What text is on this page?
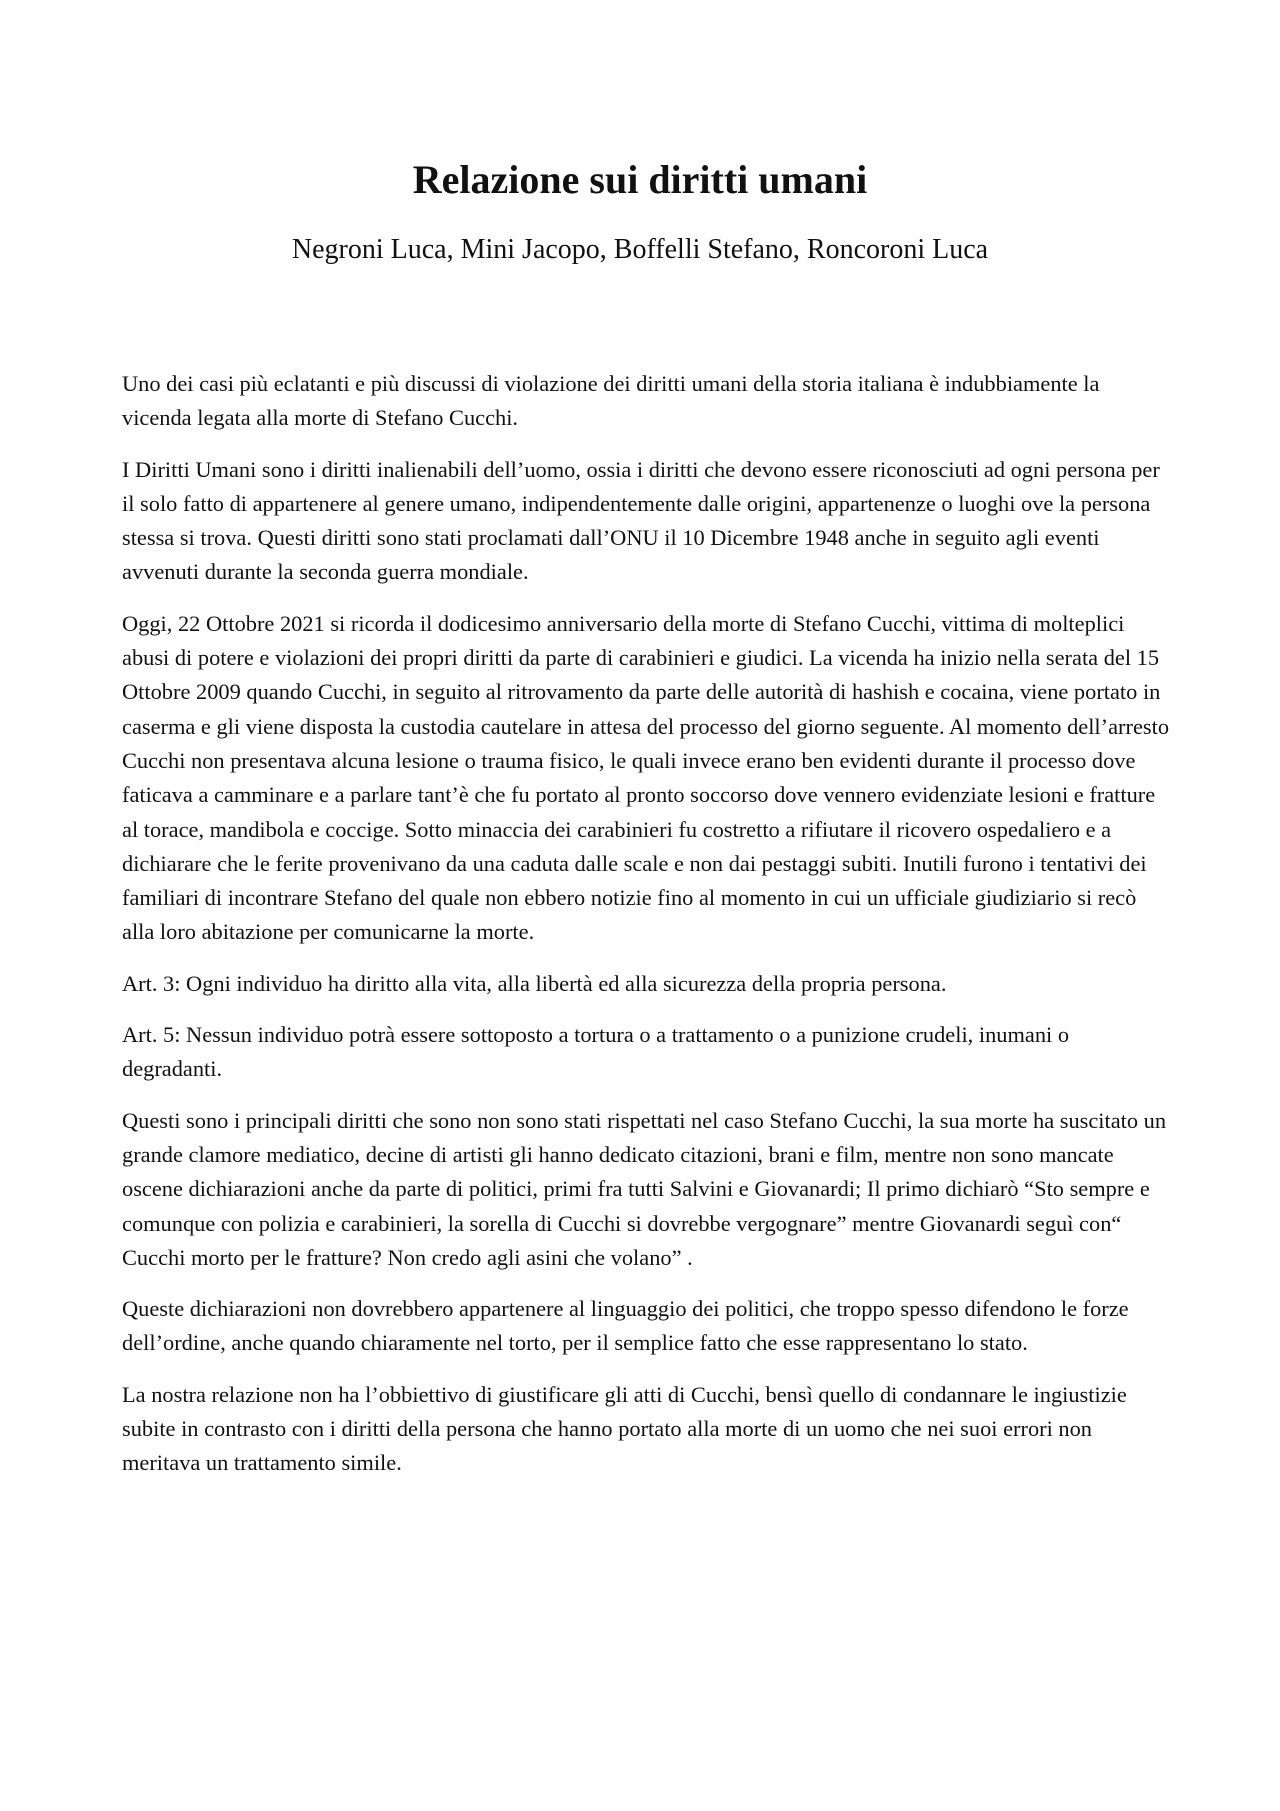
Relazione sui diritti umani
Negroni Luca, Mini Jacopo, Boffelli Stefano, Roncoroni Luca

Uno dei casi più eclatanti e più discussi di violazione dei diritti umani della storia italiana è indubbiamente la vicenda legata alla morte di Stefano Cucchi.

I Diritti Umani sono i diritti inalienabili dell’uomo, ossia i diritti che devono essere riconosciuti ad ogni persona per il solo fatto di appartenere al genere umano, indipendentemente dalle origini, appartenenze o luoghi ove la persona stessa si trova. Questi diritti sono stati proclamati dall’ONU il 10 Dicembre 1948 anche in seguito agli eventi avvenuti durante la seconda guerra mondiale.

Oggi, 22 Ottobre 2021 si ricorda il dodicesimo anniversario della morte di Stefano Cucchi, vittima di molteplici abusi di potere e violazioni dei propri diritti da parte di carabinieri e giudici. La vicenda ha inizio nella serata del 15 Ottobre 2009 quando Cucchi, in seguito al ritrovamento da parte delle autorità di hashish e cocaina, viene portato in caserma e gli viene disposta la custodia cautelare in attesa del processo del giorno seguente. Al momento dell’arresto Cucchi non presentava alcuna lesione o trauma fisico, le quali invece erano ben evidenti durante il processo dove faticava a camminare e a parlare tant’è che fu portato al pronto soccorso dove vennero evidenziate lesioni e fratture al torace, mandibola e coccige. Sotto minaccia dei carabinieri fu costretto a rifiutare il ricovero ospedaliero e a dichiarare che le ferite provenivano da una caduta dalle scale e non dai pestaggi subiti. Inutili furono i tentativi dei familiari di incontrare Stefano del quale non ebbero notizie fino al momento in cui un ufficiale giudiziario si recò alla loro abitazione per comunicarne la morte.

Art. 3: Ogni individuo ha diritto alla vita, alla libertà ed alla sicurezza della propria persona.

Art. 5: Nessun individuo potrà essere sottoposto a tortura o a trattamento o a punizione crudeli, inumani o degradanti.

Questi sono i principali diritti che sono non sono stati rispettati nel caso Stefano Cucchi, la sua morte ha suscitato un grande clamore mediatico, decine di artisti gli hanno dedicato citazioni, brani e film, mentre non sono mancate oscene dichiarazioni anche da parte di politici, primi fra tutti Salvini e Giovanardi; Il primo dichiarò “Sto sempre e comunque con polizia e carabinieri, la sorella di Cucchi si dovrebbe vergognare” mentre Giovanardi seguì con“ Cucchi morto per le fratture? Non credo agli asini che volano” .

Queste dichiarazioni non dovrebbero appartenere al linguaggio dei politici, che troppo spesso difendono le forze dell’ordine, anche quando chiaramente nel torto, per il semplice fatto che esse rappresentano lo stato.

La nostra relazione non ha l’obbiettivo di giustificare gli atti di Cucchi, bensì quello di condannare le ingiustizie subite in contrasto con i diritti della persona che hanno portato alla morte di un uomo che nei suoi errori non meritava un trattamento simile.
